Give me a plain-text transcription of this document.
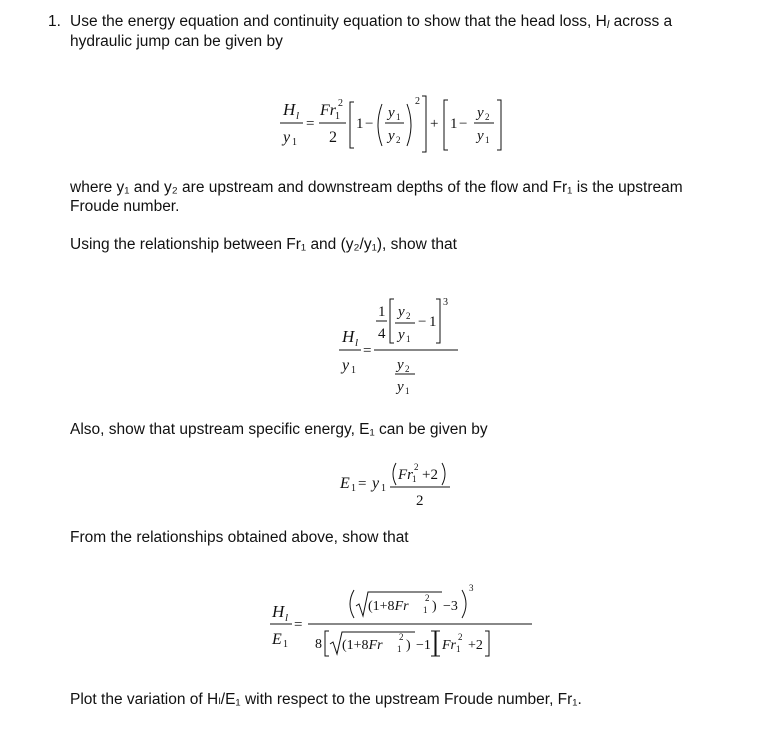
1. Use the energy equation and continuity equation to show that the head loss, $H_l$ across a
hydraulic jump can be given by
H l
y 1
=
Fr 1
2
2
1 −
y 1
y 2
2
+ 1 −
y 2
y 1
where y₁ and y₂ are upstream and downstream depths of the flow and Fr₁ is the upstream
Froude number.
Using the relationship between Fr₁ and (y₂/y₁), show that
H l
y 1
=
1
4
y 2
y 1
− 1
3
y 2
y 1
Also, show that upstream specific energy, E₁ can be given by
E 1 = y 1
Fr 1
2 +2
2
From the relationships obtained above, show that
H l
E 1
=
(1+8Fr 1
2
) −3
3
8 (1+8Fr 1
2
) −1 Fr 1
2
+2
Plot the variation of Hₗ/E₁ with respect to the upstream Froude number, Fr₁.
